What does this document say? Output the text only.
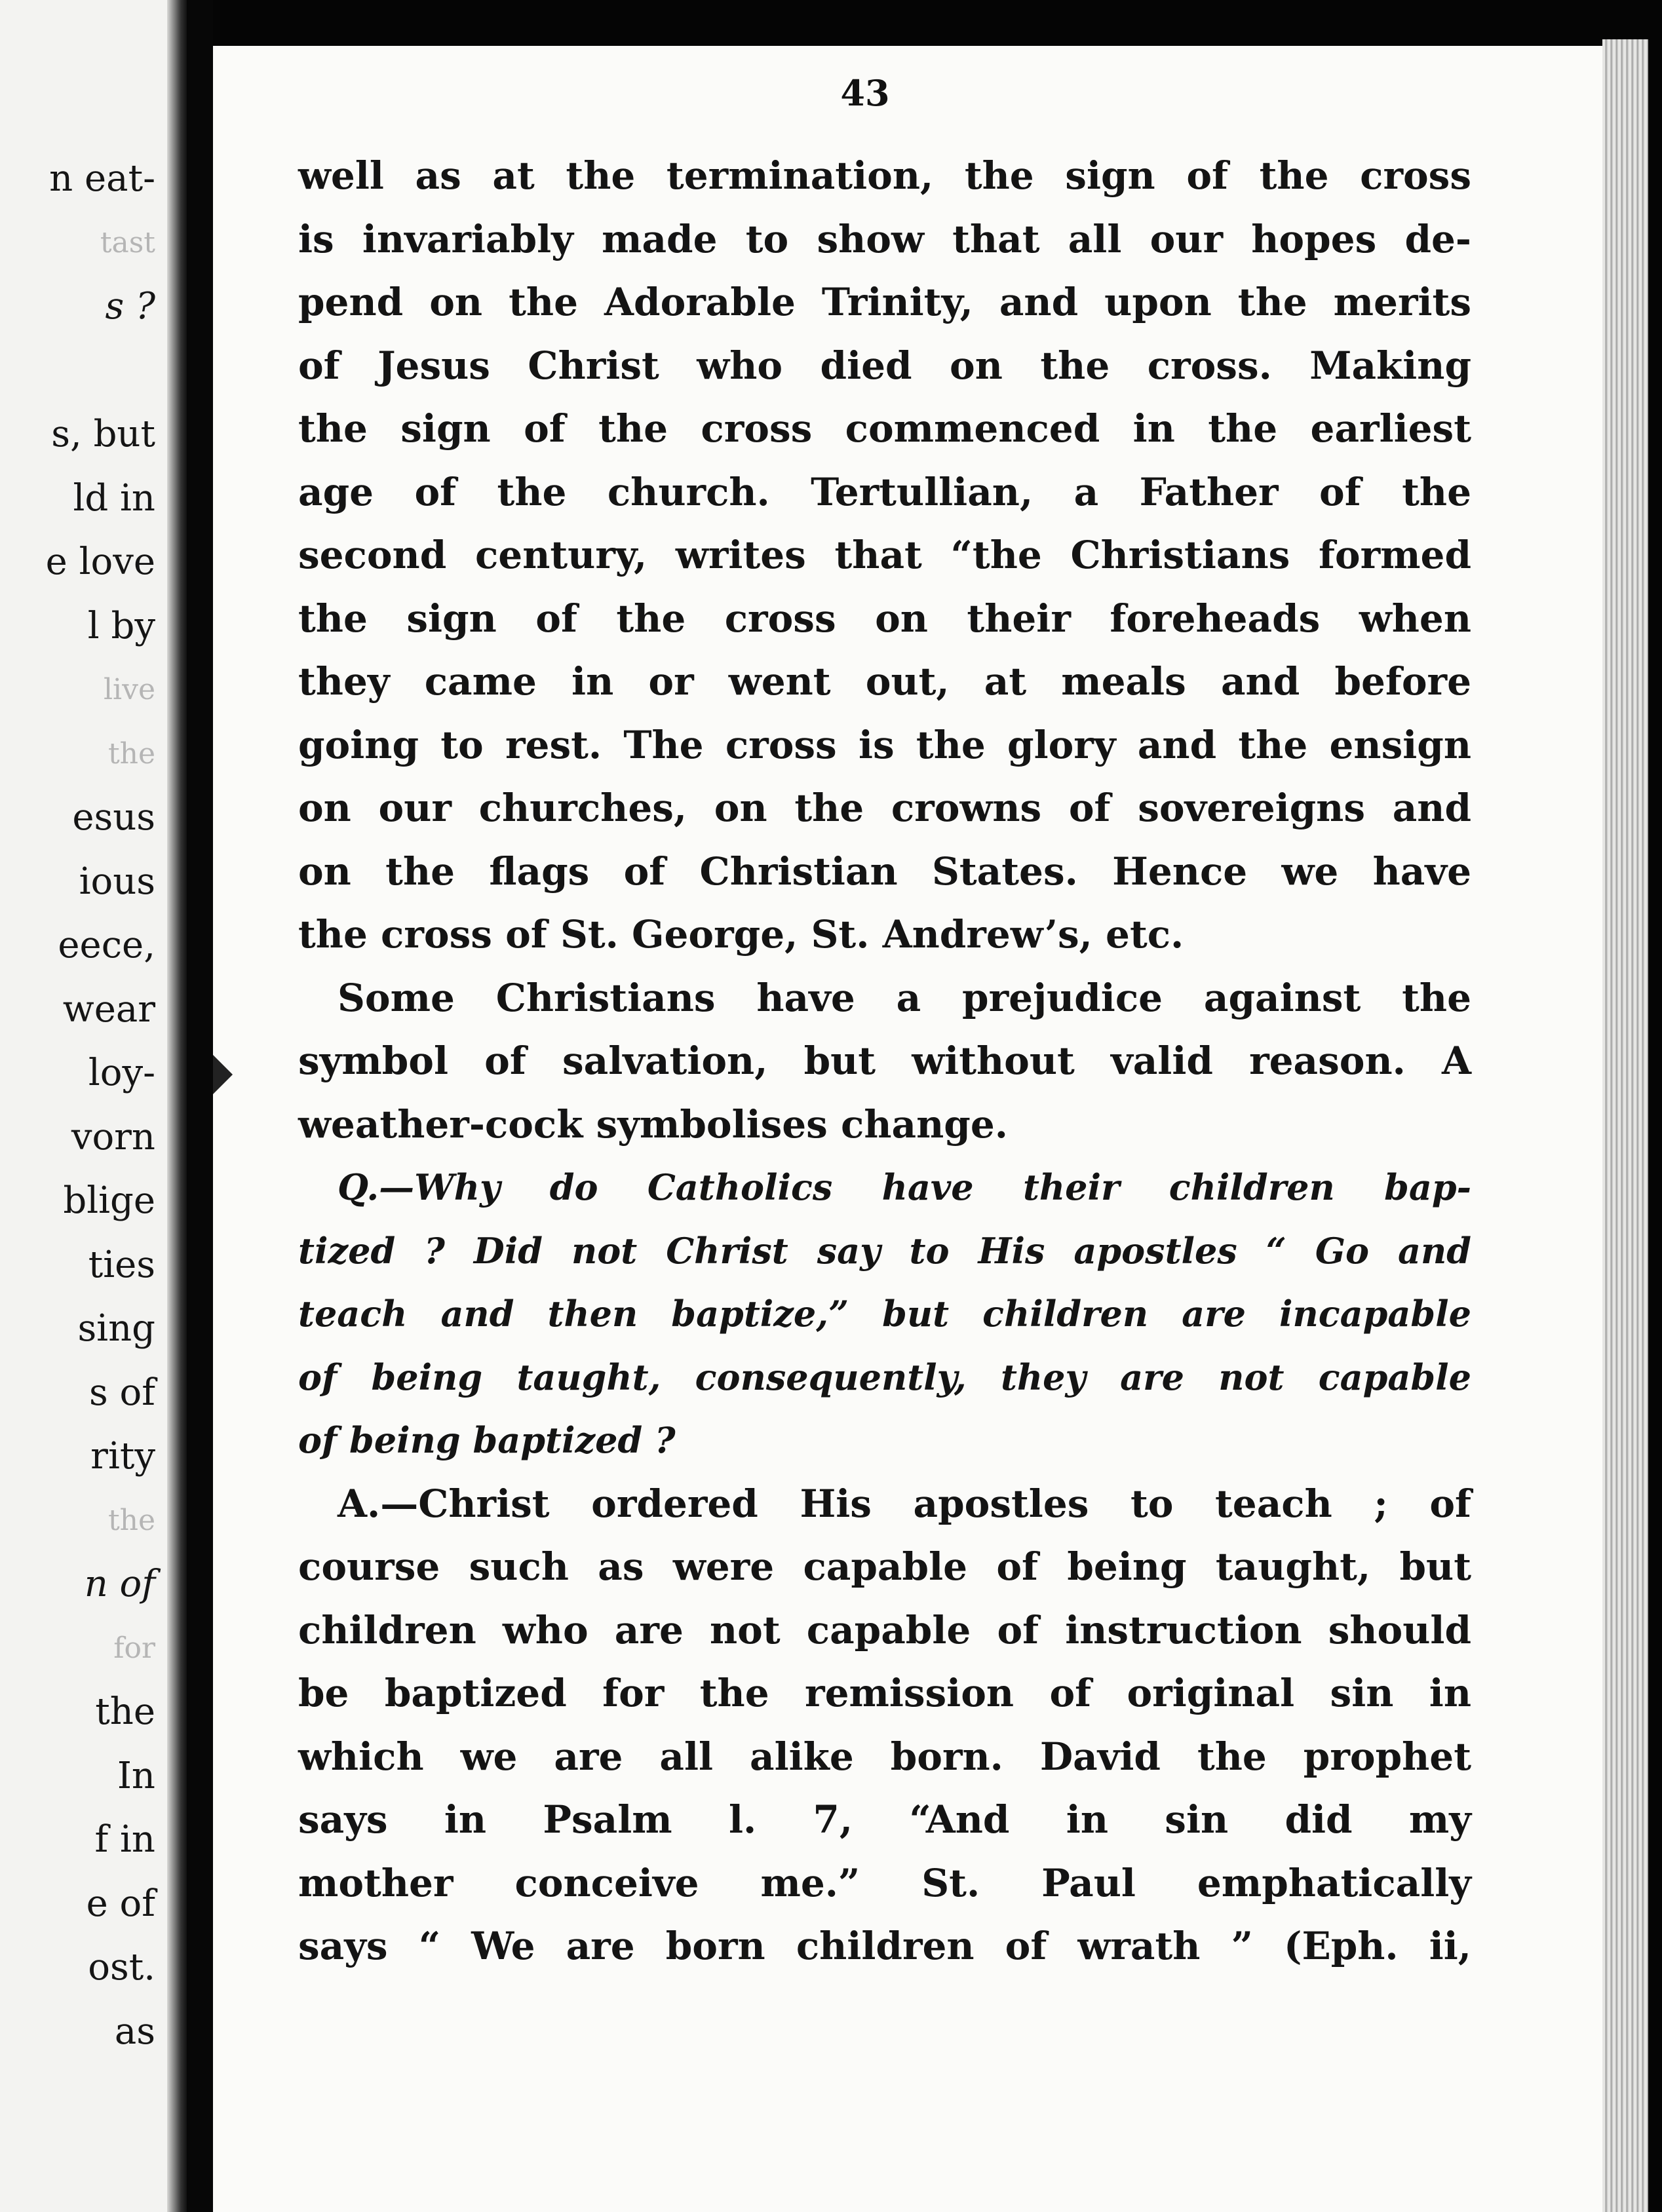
n eat-
tast
s ?
s, but
ld in
e love
l by
live
the
esus
ious
eece,
wear
loy-
vorn
blige
ties
sing
s of
rity
the
n of
for
the
In
f in
e of
ost.
as
43
well as at the termination, the sign of the cross
is invariably made to show that all our hopes de-
pend on the Adorable Trinity, and upon the merits
of Jesus Christ who died on the cross. Making
the sign of the cross commenced in the earliest
age of the church. Tertullian, a Father of the
second century, writes that “the Christians formed
the sign of the cross on their foreheads when
they came in or went out, at meals and before
going to rest. The cross is the glory and the ensign
on our churches, on the crowns of sovereigns and
on the flags of Christian States. Hence we have
the cross of St. George, St. Andrew’s, etc.
Some Christians have a prejudice against the
symbol of salvation, but without valid reason. A
weather-cock symbolises change.
Q.—Why do Catholics have their children bap-
tized ? Did not Christ say to His apostles “ Go and
teach and then baptize,” but children are incapable
of being taught, consequently, they are not capable
of being baptized ?
A.—Christ ordered His apostles to teach ; of
course such as were capable of being taught, but
children who are not capable of instruction should
be baptized for the remission of original sin in
which we are all alike born. David the prophet
says in Psalm l. 7, “And in sin did my
mother conceive me.” St. Paul emphatically
says “ We are born children of wrath ” (Eph. ii,
